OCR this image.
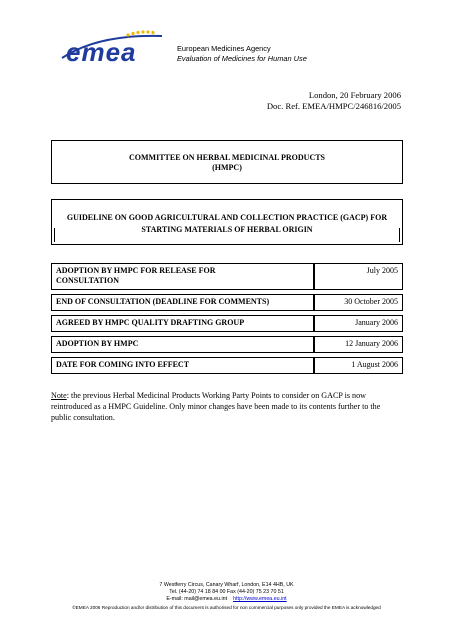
emea	European Medicines Agency
Evaluation of Medicines for Human Use
London, 20 February 2006
Doc. Ref. EMEA/HMPC/246816/2005
COMMITTEE ON HERBAL MEDICINAL PRODUCTS
(HMPC)
GUIDELINE ON GOOD AGRICULTURAL AND COLLECTION PRACTICE (GACP) FOR
STARTING MATERIALS OF HERBAL ORIGIN
ADOPTION BY HMPC FOR RELEASE FOR
CONSULTATION	July 2005
END OF CONSULTATION (DEADLINE FOR COMMENTS)	30 October 2005
AGREED BY HMPC QUALITY DRAFTING GROUP	January 2006
ADOPTION BY HMPC	12 January 2006
DATE FOR COMING INTO EFFECT	1 August 2006
Note: the previous Herbal Medicinal Products Working Party Points to consider on GACP is now
reintroduced as a HMPC Guideline. Only minor changes have been made to its contents further to the
public consultation.
7 Westferry Circus, Canary Wharf, London, E14 4HB, UK
Tel. (44-20) 74 18 84 00 Fax (44-20) 75 23 70 51
E-mail: mail@emea.eu.int http://www.emea.eu.int
©EMEA 2006 Reproduction and/or distribution of this document is authorised for non commercial purposes only provided the EMEA is acknowledged
